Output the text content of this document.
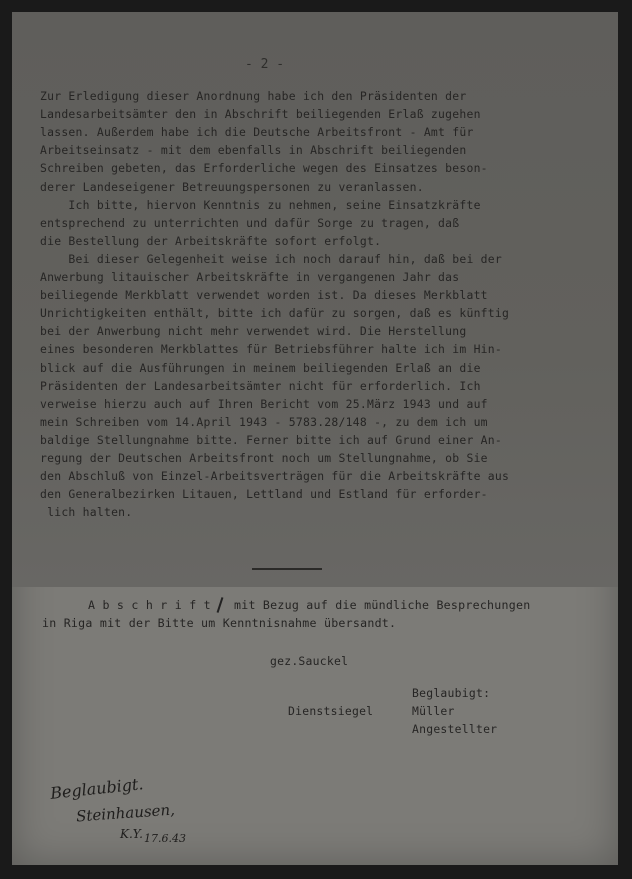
- 2 -
Zur Erledigung dieser Anordnung habe ich den Präsidenten der
Landesarbeitsämter den in Abschrift beiliegenden Erlaß zugehen
lassen. Außerdem habe ich die Deutsche Arbeitsfront - Amt für
Arbeitseinsatz - mit dem ebenfalls in Abschrift beiliegenden
Schreiben gebeten, das Erforderliche wegen des Einsatzes beson-
derer Landeseigener Betreuungspersonen zu veranlassen.
Ich bitte, hiervon Kenntnis zu nehmen, seine Einsatzkräfte
entsprechend zu unterrichten und dafür Sorge zu tragen, daß
die Bestellung der Arbeitskräfte sofort erfolgt.
Bei dieser Gelegenheit weise ich noch darauf hin, daß bei der
Anwerbung litauischer Arbeitskräfte in vergangenen Jahr das
beiliegende Merkblatt verwendet worden ist. Da dieses Merkblatt
Unrichtigkeiten enthält, bitte ich dafür zu sorgen, daß es künftig
bei der Anwerbung nicht mehr verwendet wird. Die Herstellung
eines besonderen Merkblattes für Betriebsführer halte ich im Hin-
blick auf die Ausführungen in meinem beiliegenden Erlaß an die
Präsidenten der Landesarbeitsämter nicht für erforderlich. Ich
verweise hierzu auch auf Ihren Bericht vom 25.März 1943 und auf
mein Schreiben vom 14.April 1943 - 5783.28/148 -, zu dem ich um
baldige Stellungnahme bitte. Ferner bitte ich auf Grund einer An-
regung der Deutschen Arbeitsfront noch um Stellungnahme, ob Sie
den Abschluß von Einzel-Arbeitsverträgen für die Arbeitskräfte aus
den Generalbezirken Litauen, Lettland und Estland für erforder-
lich halten.
A b s c h r i f t mit Bezug auf die mündliche Besprechungen
in Riga mit der Bitte um Kenntnisnahme übersandt.
gez.Sauckel
Beglaubigt:
Dienstsiegel	Müller
Angestellter
Beglaubigt.
Steinhausen,
K.Y. 17.6.43
